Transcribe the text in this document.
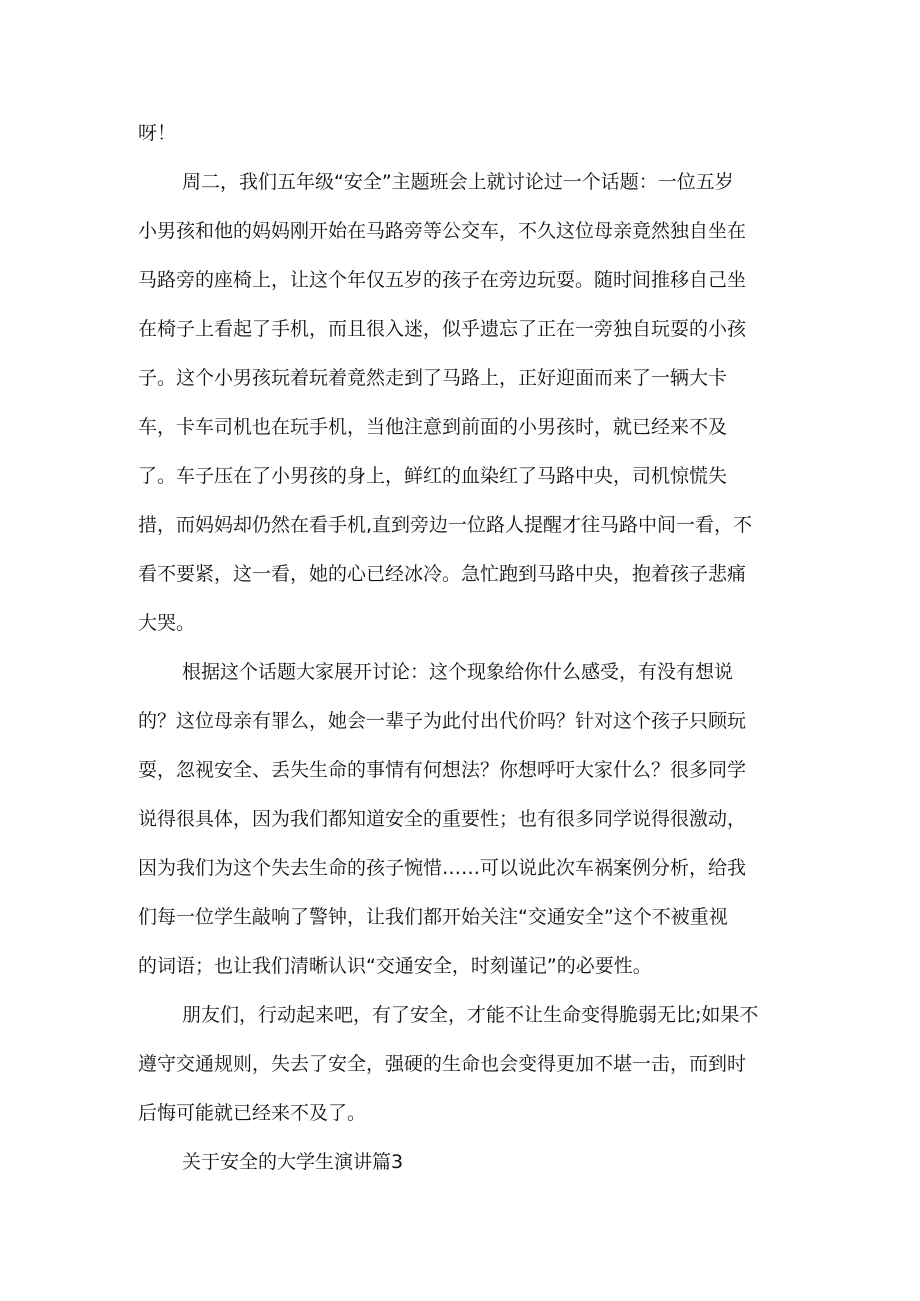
呀！
周二，我们五年级“安全”主题班会上就讨论过一个话题：一位五岁
小男孩和他的妈妈刚开始在马路旁等公交车，不久这位母亲竟然独自坐在
马路旁的座椅上，让这个年仅五岁的孩子在旁边玩耍。随时间推移自己坐
在椅子上看起了手机，而且很入迷，似乎遗忘了正在一旁独自玩耍的小孩
子。这个小男孩玩着玩着竟然走到了马路上，正好迎面而来了一辆大卡
车，卡车司机也在玩手机，当他注意到前面的小男孩时，就已经来不及
了。车子压在了小男孩的身上，鲜红的血染红了马路中央，司机惊慌失
措，而妈妈却仍然在看手机,直到旁边一位路人提醒才往马路中间一看，不
看不要紧，这一看，她的心已经冰冷。急忙跑到马路中央，抱着孩子悲痛
大哭。
根据这个话题大家展开讨论：这个现象给你什么感受，有没有想说
的？这位母亲有罪么，她会一辈子为此付出代价吗？针对这个孩子只顾玩
耍，忽视安全、丢失生命的事情有何想法？你想呼吁大家什么？很多同学
说得很具体，因为我们都知道安全的重要性；也有很多同学说得很激动，
因为我们为这个失去生命的孩子惋惜……可以说此次车祸案例分析，给我
们每一位学生敲响了警钟，让我们都开始关注“交通安全”这个不被重视
的词语；也让我们清晰认识“交通安全，时刻谨记”的必要性。
朋友们，行动起来吧，有了安全，才能不让生命变得脆弱无比;如果不
遵守交通规则，失去了安全，强硬的生命也会变得更加不堪一击，而到时
后悔可能就已经来不及了。
关于安全的大学生演讲篇3
